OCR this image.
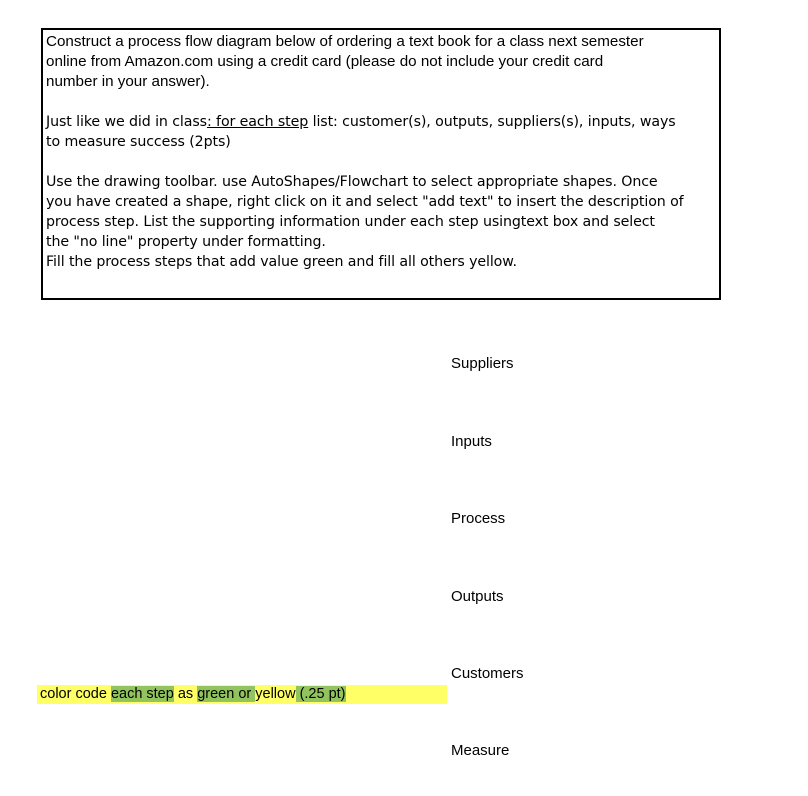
Construct a process flow diagram below of ordering a text book for a class next semester

online from Amazon.com using a credit card (please do not include your credit card

number in your answer).

Just like we did in class: for each step list: customer(s), outputs, suppliers(s), inputs, ways

to measure success (2pts)

Use the drawing toolbar. use AutoShapes/Flowchart to select appropriate shapes. Once

you have created a shape, right click on it and select "add text" to insert the description of

process step. List the supporting information under each step usingtext box and select

the "no line" property under formatting.

Fill the process steps that add value green and fill all others yellow.

Suppliers
Inputs
Process
Outputs
Customers
Measure
color code each step as green or yellow (.25 pt)
